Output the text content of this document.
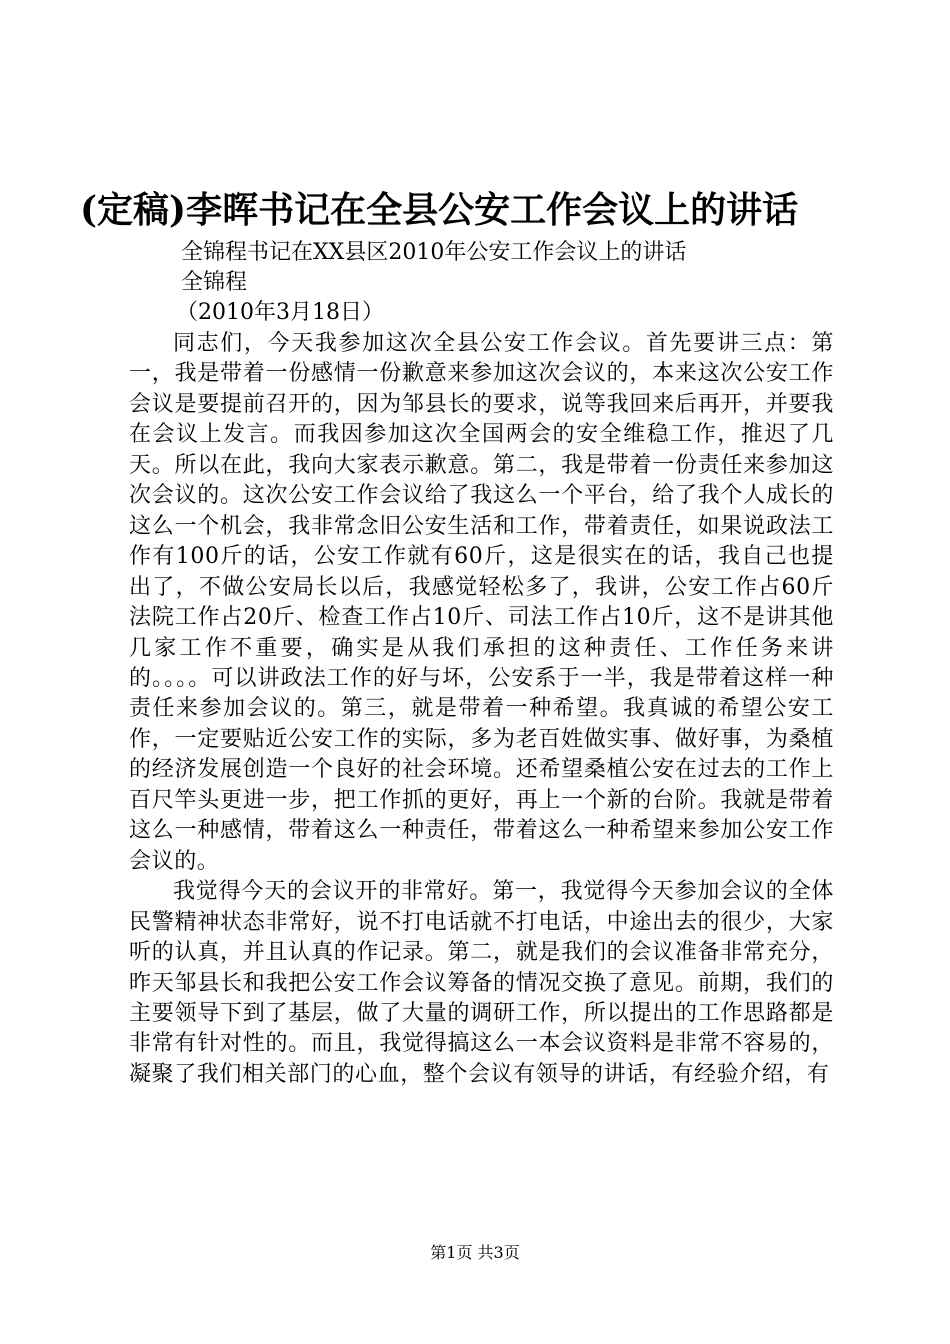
(定稿)李晖书记在全县公安工作会议上的讲话
全锦程书记在XX县区2010年公安工作会议上的讲话
全锦程
（2010年3月18日）

同志们，今天我参加这次全县公安工作会议。首先要讲三点：第一，我是带着一份感情一份歉意来参加这次会议的，本来这次公安工作会议是要提前召开的，因为邹县长的要求，说等我回来后再开，并要我在会议上发言。而我因参加这次全国两会的安全维稳工作，推迟了几天。所以在此，我向大家表示歉意。第二，我是带着一份责任来参加这次会议的。这次公安工作会议给了我这么一个平台，给了我个人成长的这么一个机会，我非常念旧公安生活和工作，带着责任，如果说政法工作有100斤的话，公安工作就有60斤，这是很实在的话，我自己也提出了，不做公安局长以后，我感觉轻松多了，我讲，公安工作占60斤法院工作占20斤、检查工作占10斤、司法工作占10斤，这不是讲其他几家工作不重要，确实是从我们承担的这种责任、工作任务来讲的。。。。可以讲政法工作的好与坏，公安系于一半，我是带着这样一种责任来参加会议的。第三，就是带着一种希望。我真诚的希望公安工作，一定要贴近公安工作的实际，多为老百姓做实事、做好事，为桑植的经济发展创造一个良好的社会环境。还希望桑植公安在过去的工作上百尺竿头更进一步，把工作抓的更好，再上一个新的台阶。我就是带着这么一种感情，带着这么一种责任，带着这么一种希望来参加公安工作会议的。

我觉得今天的会议开的非常好。第一，我觉得今天参加会议的全体民警精神状态非常好，说不打电话就不打电话，中途出去的很少，大家听的认真，并且认真的作记录。第二，就是我们的会议准备非常充分，昨天邹县长和我把公安工作会议筹备的情况交换了意见。前期，我们的主要领导下到了基层，做了大量的调研工作，所以提出的工作思路都是非常有针对性的。而且，我觉得搞这么一本会议资料是非常不容易的，凝聚了我们相关部门的心血，整个会议有领导的讲话，有经验介绍，有

第1页 共3页
